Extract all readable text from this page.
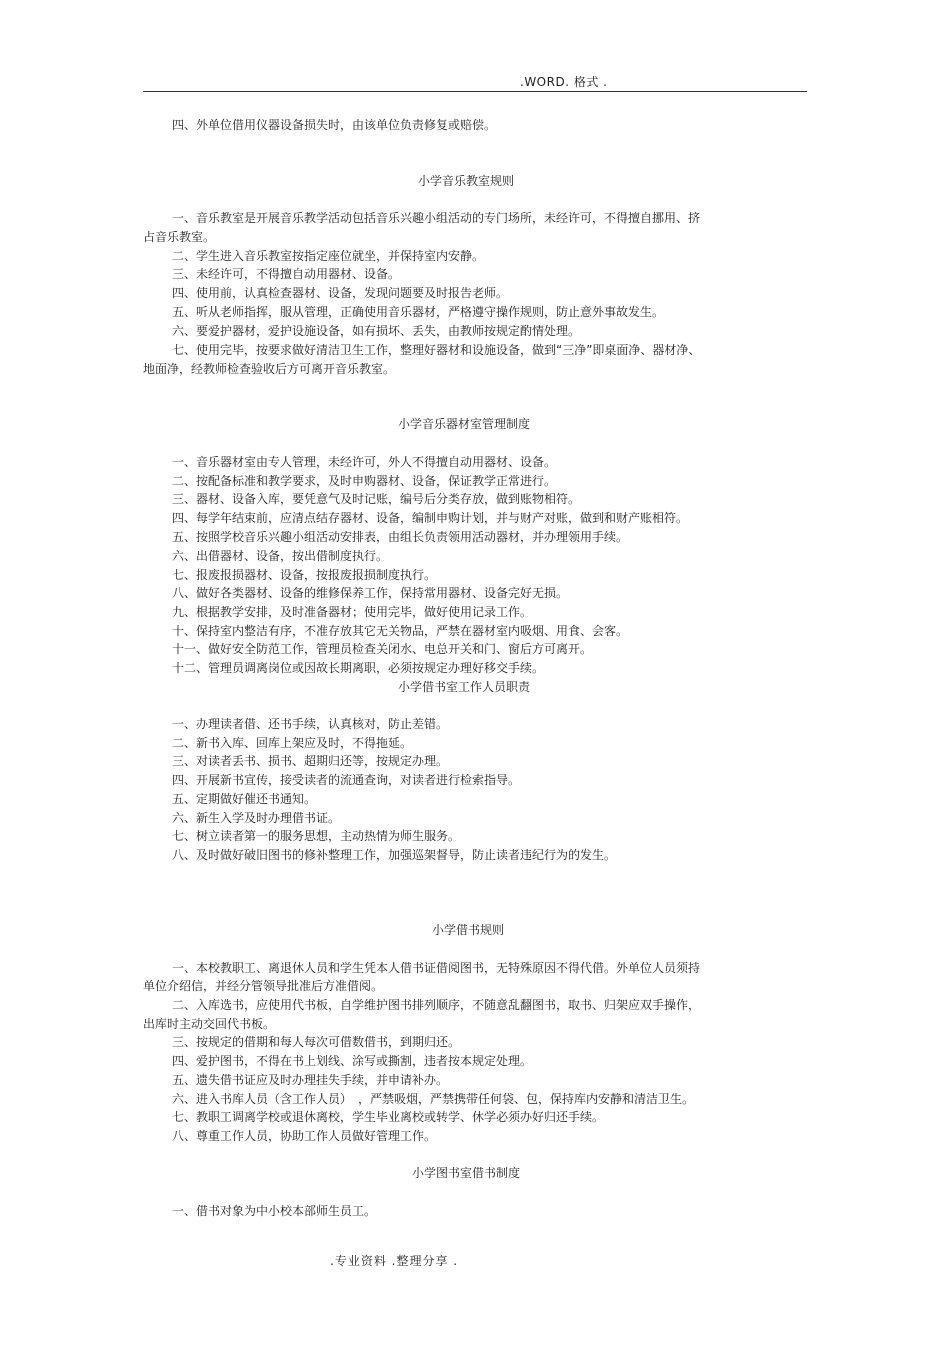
.WORD. 格式 .
四、外单位借用仪器设备损失时，由该单位负责修复或赔偿。
小学音乐教室规则
一、音乐教室是开展音乐教学活动包括音乐兴趣小组活动的专门场所，未经许可，不得擅自挪用、挤
占音乐教室。
二、学生进入音乐教室按指定座位就坐，并保持室内安静。
三、未经许可，不得擅自动用器材、设备。
四、使用前，认真检查器材、设备，发现问题要及时报告老师。
五、听从老师指挥，服从管理，正确使用音乐器材，严格遵守操作规则，防止意外事故发生。
六、要爱护器材，爱护设施设备，如有损坏、丢失，由教师按规定酌情处理。
七、使用完毕，按要求做好清洁卫生工作，整理好器材和设施设备，做到“三净”即桌面净、器材净、
地面净，经教师检查验收后方可离开音乐教室。
小学音乐器材室管理制度
一、音乐器材室由专人管理，未经许可，外人不得擅自动用器材、设备。
二、按配备标准和教学要求，及时申购器材、设备，保证教学正常进行。
三、器材、设备入库，要凭意气及时记账，编号后分类存放，做到账物相符。
四、每学年结束前，应清点结存器材、设备，编制申购计划，并与财产对账，做到和财产账相符。
五、按照学校音乐兴趣小组活动安排表，由组长负责领用活动器材，并办理领用手续。
六、出借器材、设备，按出借制度执行。
七、报废报损器材、设备，按报废报损制度执行。
八、做好各类器材、设备的维修保养工作，保持常用器材、设备完好无损。
九、根据教学安排，及时准备器材；使用完毕，做好使用记录工作。
十、保持室内整洁有序，不准存放其它无关物品，严禁在器材室内吸烟、用食、会客。
十一、做好安全防范工作，管理员检查关闭水、电总开关和门、窗后方可离开。
十二、管理员调离岗位或因故长期离职，必须按规定办理好移交手续。
小学借书室工作人员职责
一、办理读者借、还书手续，认真核对，防止差错。
二、新书入库、回库上架应及时，不得拖延。
三、对读者丢书、损书、超期归还等，按规定办理。
四、开展新书宣传，接受读者的流通查询，对读者进行检索指导。
五、定期做好催还书通知。
六、新生入学及时办理借书证。
七、树立读者第一的服务思想，主动热情为师生服务。
八、及时做好破旧图书的修补整理工作，加强巡架督导，防止读者违纪行为的发生。
小学借书规则
一、本校教职工、离退休人员和学生凭本人借书证借阅图书，无特殊原因不得代借。外单位人员须持
单位介绍信，并经分管领导批准后方准借阅。
二、入库选书，应使用代书板，自学维护图书排列顺序，不随意乱翻图书，取书、归架应双手操作，
出库时主动交回代书板。
三、按规定的借期和每人每次可借数借书，到期归还。
四、爱护图书，不得在书上划线、涂写或撕割，违者按本规定处理。
五、遗失借书证应及时办理挂失手续，并申请补办。
六、进入书库人员（含工作人员）　，严禁吸烟，严禁携带任何袋、包，保持库内安静和清洁卫生。
七、教职工调离学校或退休离校，学生毕业离校或转学、休学必须办好归还手续。
八、尊重工作人员，协助工作人员做好管理工作。
小学图书室借书制度
一、借书对象为中小校本部师生员工。
.专业资料 .整理分享 .
